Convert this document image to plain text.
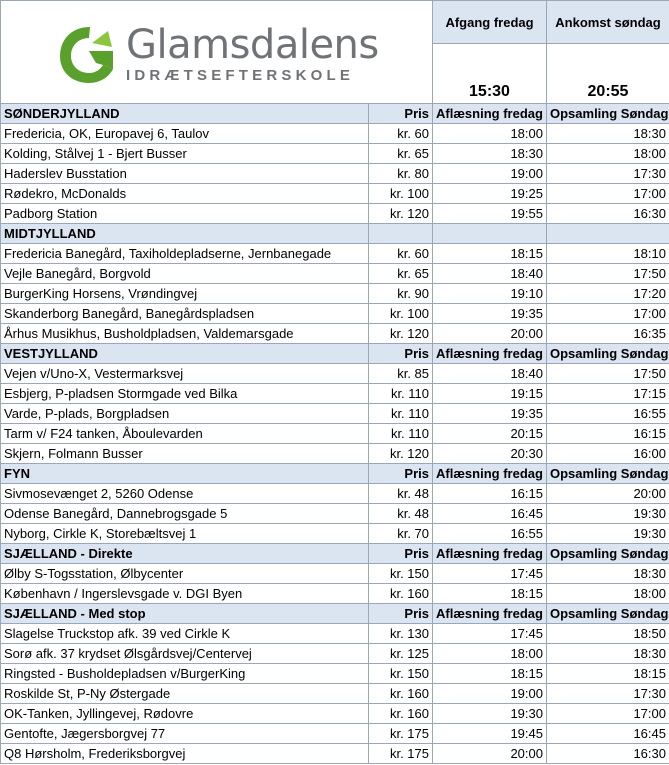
Glamsdalens
IDRÆTSEFTERSKOLE		Afgang fredag	Ankomst søndag
		15:30	20:55
SØNDERJYLLAND	Pris	Aflæsning fredag	Opsamling Søndag
Fredericia, OK, Europavej 6, Taulov	kr. 60	18:00	18:30
Kolding, Stålvej 1 - Bjert Busser	kr. 65	18:30	18:00
Haderslev Busstation	kr. 80	19:00	17:30
Rødekro, McDonalds	kr. 100	19:25	17:00
Padborg Station	kr. 120	19:55	16:30
MIDTJYLLAND			
Fredericia Banegård, Taxiholdepladserne, Jernbanegade	kr. 60	18:15	18:10
Vejle Banegård, Borgvold	kr. 65	18:40	17:50
BurgerKing Horsens, Vrøndingvej	kr. 90	19:10	17:20
Skanderborg Banegård, Banegårdspladsen	kr. 100	19:35	17:00
Århus Musikhus, Busholdpladsen, Valdemarsgade	kr. 120	20:00	16:35
VESTJYLLAND	Pris	Aflæsning fredag	Opsamling Søndag
Vejen v/Uno-X, Vestermarksvej	kr. 85	18:40	17:50
Esbjerg, P-pladsen Stormgade ved Bilka	kr. 110	19:15	17:15
Varde, P-plads, Borgpladsen	kr. 110	19:35	16:55
Tarm v/ F24 tanken, Åboulevarden	kr. 110	20:15	16:15
Skjern, Folmann Busser	kr. 120	20:30	16:00
FYN	Pris	Aflæsning fredag	Opsamling Søndag
Sivmosevænget 2, 5260 Odense	kr. 48	16:15	20:00
Odense Banegård, Dannebrogsgade 5	kr. 48	16:45	19:30
Nyborg, Cirkle K, Storebæltsvej 1	kr. 70	16:55	19:30
SJÆLLAND - Direkte	Pris	Aflæsning fredag	Opsamling Søndag
Ølby S-Togsstation, Ølbycenter	kr. 150	17:45	18:30
København / Ingerslevsgade v. DGI Byen	kr. 160	18:15	18:00
SJÆLLAND - Med stop	Pris	Aflæsning fredag	Opsamling Søndag
Slagelse Truckstop afk. 39 ved Cirkle K	kr. 130	17:45	18:50
Sorø afk. 37 krydset Ølsgårdsvej/Centervej	kr. 125	18:00	18:30
Ringsted - Busholdepladsen v/BurgerKing	kr. 150	18:15	18:15
Roskilde St, P-Ny Østergade	kr. 160	19:00	17:30
OK-Tanken, Jyllingevej, Rødovre	kr. 160	19:30	17:00
Gentofte, Jægersborgvej 77	kr. 175	19:45	16:45
Q8 Hørsholm, Frederiksborgvej	kr. 175	20:00	16:30
